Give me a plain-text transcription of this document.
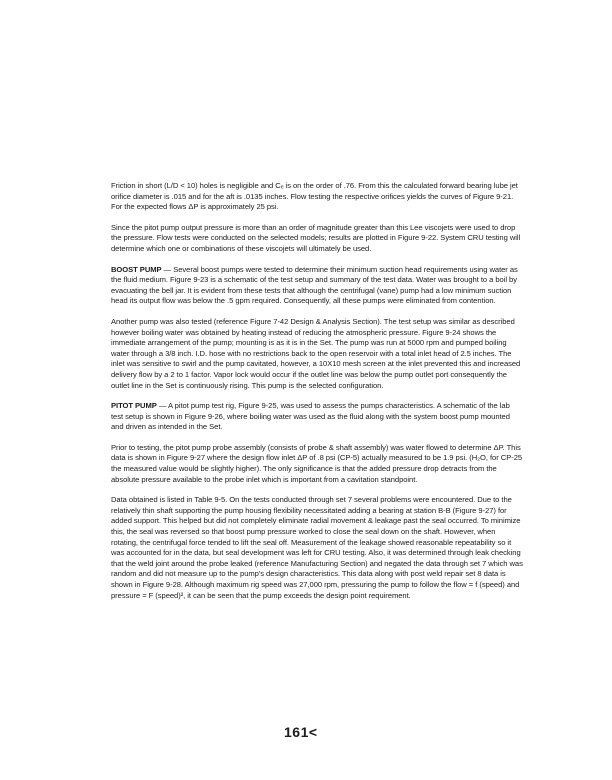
Friction in short (L/D < 10) holes is negligible and Cₑ is on the order of .76. From this the calculated forward bearing lube jet orifice diameter is .015 and for the aft is .0135 inches. Flow testing the respective orifices yields the curves of Figure 9-21. For the expected flows ΔP is approximately 25 psi.

Since the pitot pump output pressure is more than an order of magnitude greater than this Lee viscojets were used to drop the pressure. Flow tests were conducted on the selected models; results are plotted in Figure 9-22. System CRU testing will determine which one or combinations of these viscojets will ultimately be used.

BOOST PUMP — Several boost pumps were tested to determine their minimum suction head requirements using water as the fluid medium. Figure 9-23 is a schematic of the test setup and summary of the test data. Water was brought to a boil by evacuating the bell jar. It is evident from these tests that although the centrifugal (vane) pump had a low minimum suction head its output flow was below the .5 gpm required. Consequently, all these pumps were eliminated from contention.

Another pump was also tested (reference Figure 7-42 Design & Analysis Section). The test setup was similar as described however boiling water was obtained by heating instead of reducing the atmospheric pressure. Figure 9-24 shows the immediate arrangement of the pump; mounting is as it is in the Set. The pump was run at 5000 rpm and pumped boiling water through a 3/8 inch. I.D. hose with no restrictions back to the open reservoir with a total inlet head of 2.5 inches. The inlet was sensitive to swirl and the pump cavitated, however, a 10X10 mesh screen at the inlet prevented this and increased delivery flow by a 2 to 1 factor. Vapor lock would occur if the outlet line was below the pump outlet port consequently the outlet line in the Set is continuously rising. This pump is the selected configuration.

PITOT PUMP — A pitot pump test rig, Figure 9-25, was used to assess the pumps characteristics. A schematic of the lab test setup is shown in Figure 9-26, where boiling water was used as the fluid along with the system boost pump mounted and driven as intended in the Set.

Prior to testing, the pitot pump probe assembly (consists of probe & shaft assembly) was water flowed to determine ΔP. This data is shown in Figure 9-27 where the design flow inlet ΔP of .8 psi (CP-5) actually measured to be 1.9 psi. (H₂O, for CP-25 the measured value would be slightly higher). The only significance is that the added pressure drop detracts from the absolute pressure available to the probe inlet which is important from a cavitation standpoint.

Data obtained is listed in Table 9-5. On the tests conducted through set 7 several problems were encountered. Due to the relatively thin shaft supporting the pump housing flexibility necessitated adding a bearing at station B-B (Figure 9-27) for added support. This helped but did not completely eliminate radial movement & leakage past the seal occurred. To minimize this, the seal was reversed so that boost pump pressure worked to close the seal down on the shaft. However, when rotating, the centrifugal force tended to lift the seal off. Measurement of the leakage showed reasonable repeatability so it was accounted for in the data, but seal development was left for CRU testing. Also, it was determined through leak checking that the weld joint around the probe leaked (reference Manufacturing Section) and negated the data through set 7 which was random and did not measure up to the pump's design characteristics. This data along with post weld repair set 8 data is shown in Figure 9-28. Although maximum rig speed was 27,000 rpm, pressuring the pump to follow the flow = f (speed) and pressure = F (speed)², it can be seen that the pump exceeds the design point requirement.

161<
